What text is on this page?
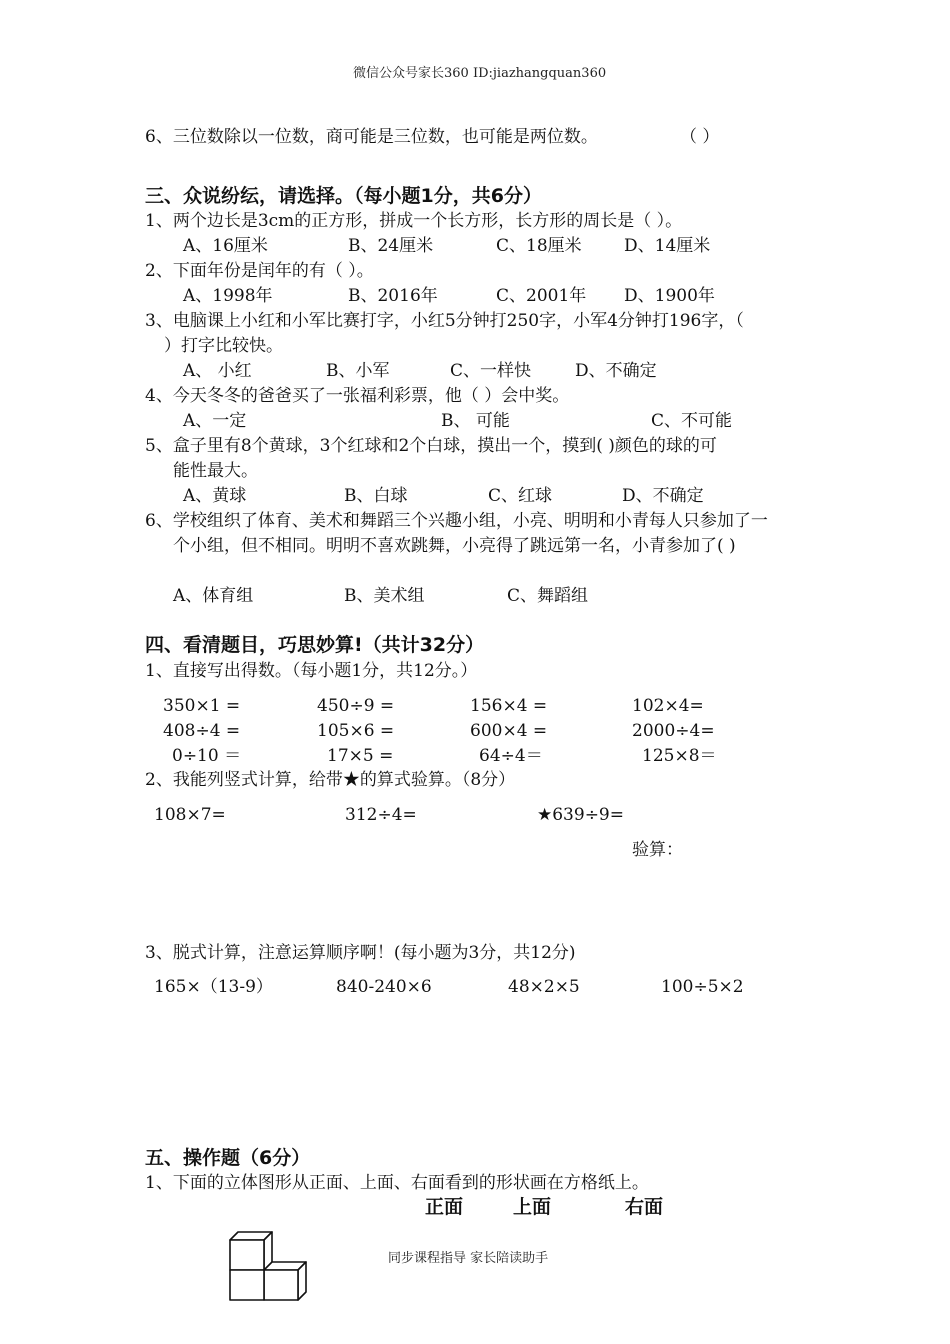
微信公众号家长360 ID:jiazhangquan360
6、三位数除以一位数，商可能是三位数，也可能是两位数。	（ ）
三、众说纷纭，请选择。（每小题1分，共6分）
1、两个边长是3cm的正方形，拼成一个长方形，长方形的周长是（ ）。
A、16厘米	B、24厘米	C、18厘米 D、14厘米
2、下面年份是闰年的有（ ）。
A、1998年	B、2016年	C、2001年 D、1900年
3、电脑课上小红和小军比赛打字，小红5分钟打250字，小军4分钟打196字，（
）打字比较快。
A、 小红	B、小军	C、一样快	D、不确定
4、今天冬冬的爸爸买了一张福利彩票，他（ ）会中奖。
A、一定	B、 可能	C、不可能
5、盒子里有8个黄球，3个红球和2个白球，摸出一个，摸到( )颜色的球的可
能性最大。
A、黄球	B、白球	C、红球	D、不确定
6、学校组织了体育、美术和舞蹈三个兴趣小组，小亮、明明和小青每人只参加了一
个小组，但不相同。明明不喜欢跳舞，小亮得了跳远第一名，小青参加了( )
A、体育组	B、美术组	C、舞蹈组
四、看清题目，巧思妙算!（共计32分）
1、直接写出得数。（每小题1分，共12分。）
350×1 =	450÷9 =	156×4 =	102×4=
408÷4 =	105×6 =	600×4 =	2000÷4=
0÷10 ＝	17×5 =	64÷4＝	125×8＝
2、我能列竖式计算，给带★的算式验算。（8分）
108×7=	312÷4=	★639÷9=
验算：
3、脱式计算，注意运算顺序啊！(每小题为3分，共12分)
165×（13-9）	840-240×6	48×2×5	100÷5×2
五、操作题（6分）
1、下面的立体图形从正面、上面、右面看到的形状画在方格纸上。
正面	上面	右面
同步课程指导 家长陪读助手
